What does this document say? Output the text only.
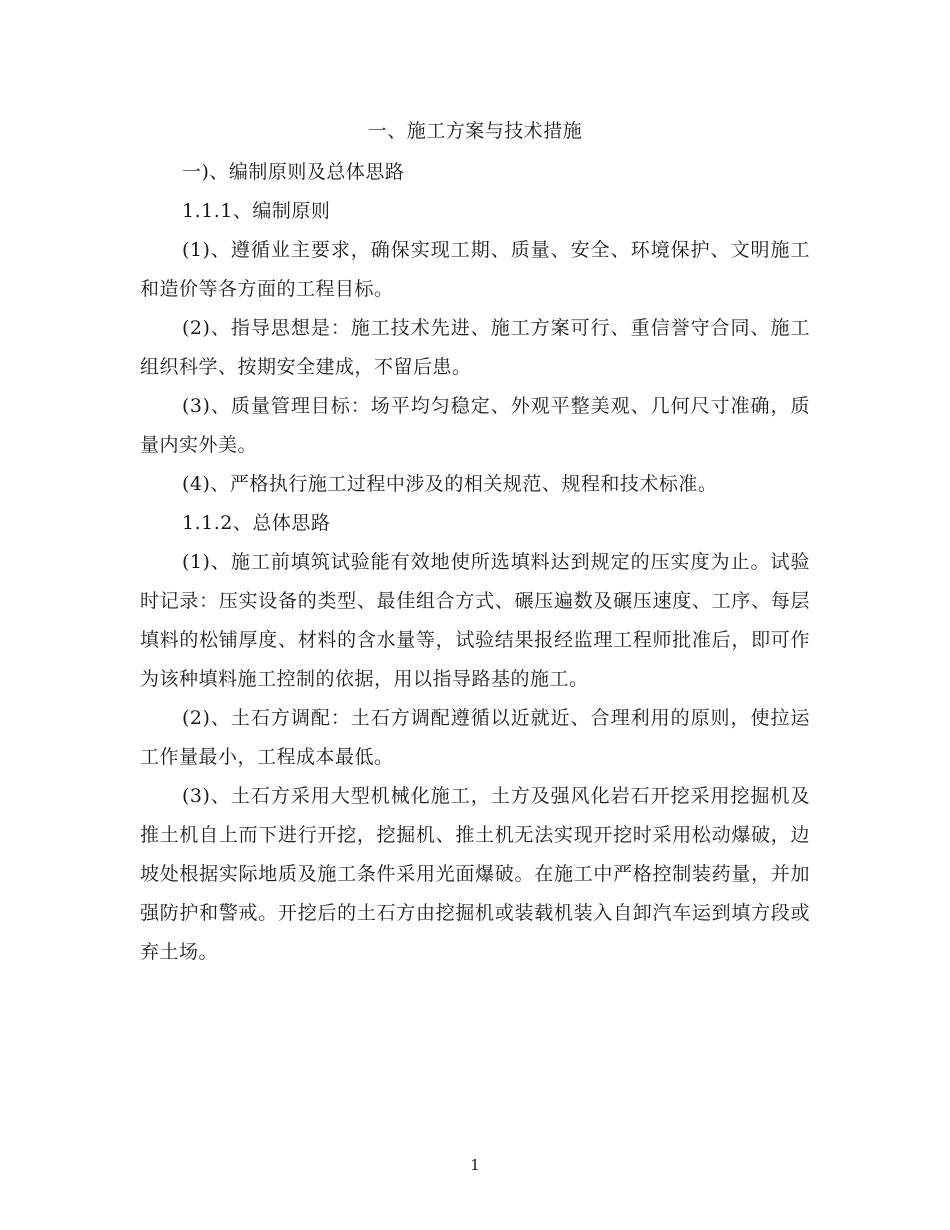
一、施工方案与技术措施

一)、编制原则及总体思路

1.1.1、编制原则

(1)、遵循业主要求，确保实现工期、质量、安全、环境保护、文明施工和造价等各方面的工程目标。

(2)、指导思想是：施工技术先进、施工方案可行、重信誉守合同、施工组织科学、按期安全建成，不留后患。

(3)、质量管理目标：场平均匀稳定、外观平整美观、几何尺寸准确，质量内实外美。

(4)、严格执行施工过程中涉及的相关规范、规程和技术标准。

1.1.2、总体思路

(1)、施工前填筑试验能有效地使所选填料达到规定的压实度为止。试验时记录：压实设备的类型、最佳组合方式、碾压遍数及碾压速度、工序、每层填料的松铺厚度、材料的含水量等，试验结果报经监理工程师批准后，即可作为该种填料施工控制的依据，用以指导路基的施工。

(2)、土石方调配：土石方调配遵循以近就近、合理利用的原则，使拉运工作量最小，工程成本最低。

(3)、土石方采用大型机械化施工，土方及强风化岩石开挖采用挖掘机及推土机自上而下进行开挖，挖掘机、推土机无法实现开挖时采用松动爆破，边坡处根据实际地质及施工条件采用光面爆破。在施工中严格控制装药量，并加强防护和警戒。开挖后的土石方由挖掘机或装载机装入自卸汽车运到填方段或弃土场。

1
